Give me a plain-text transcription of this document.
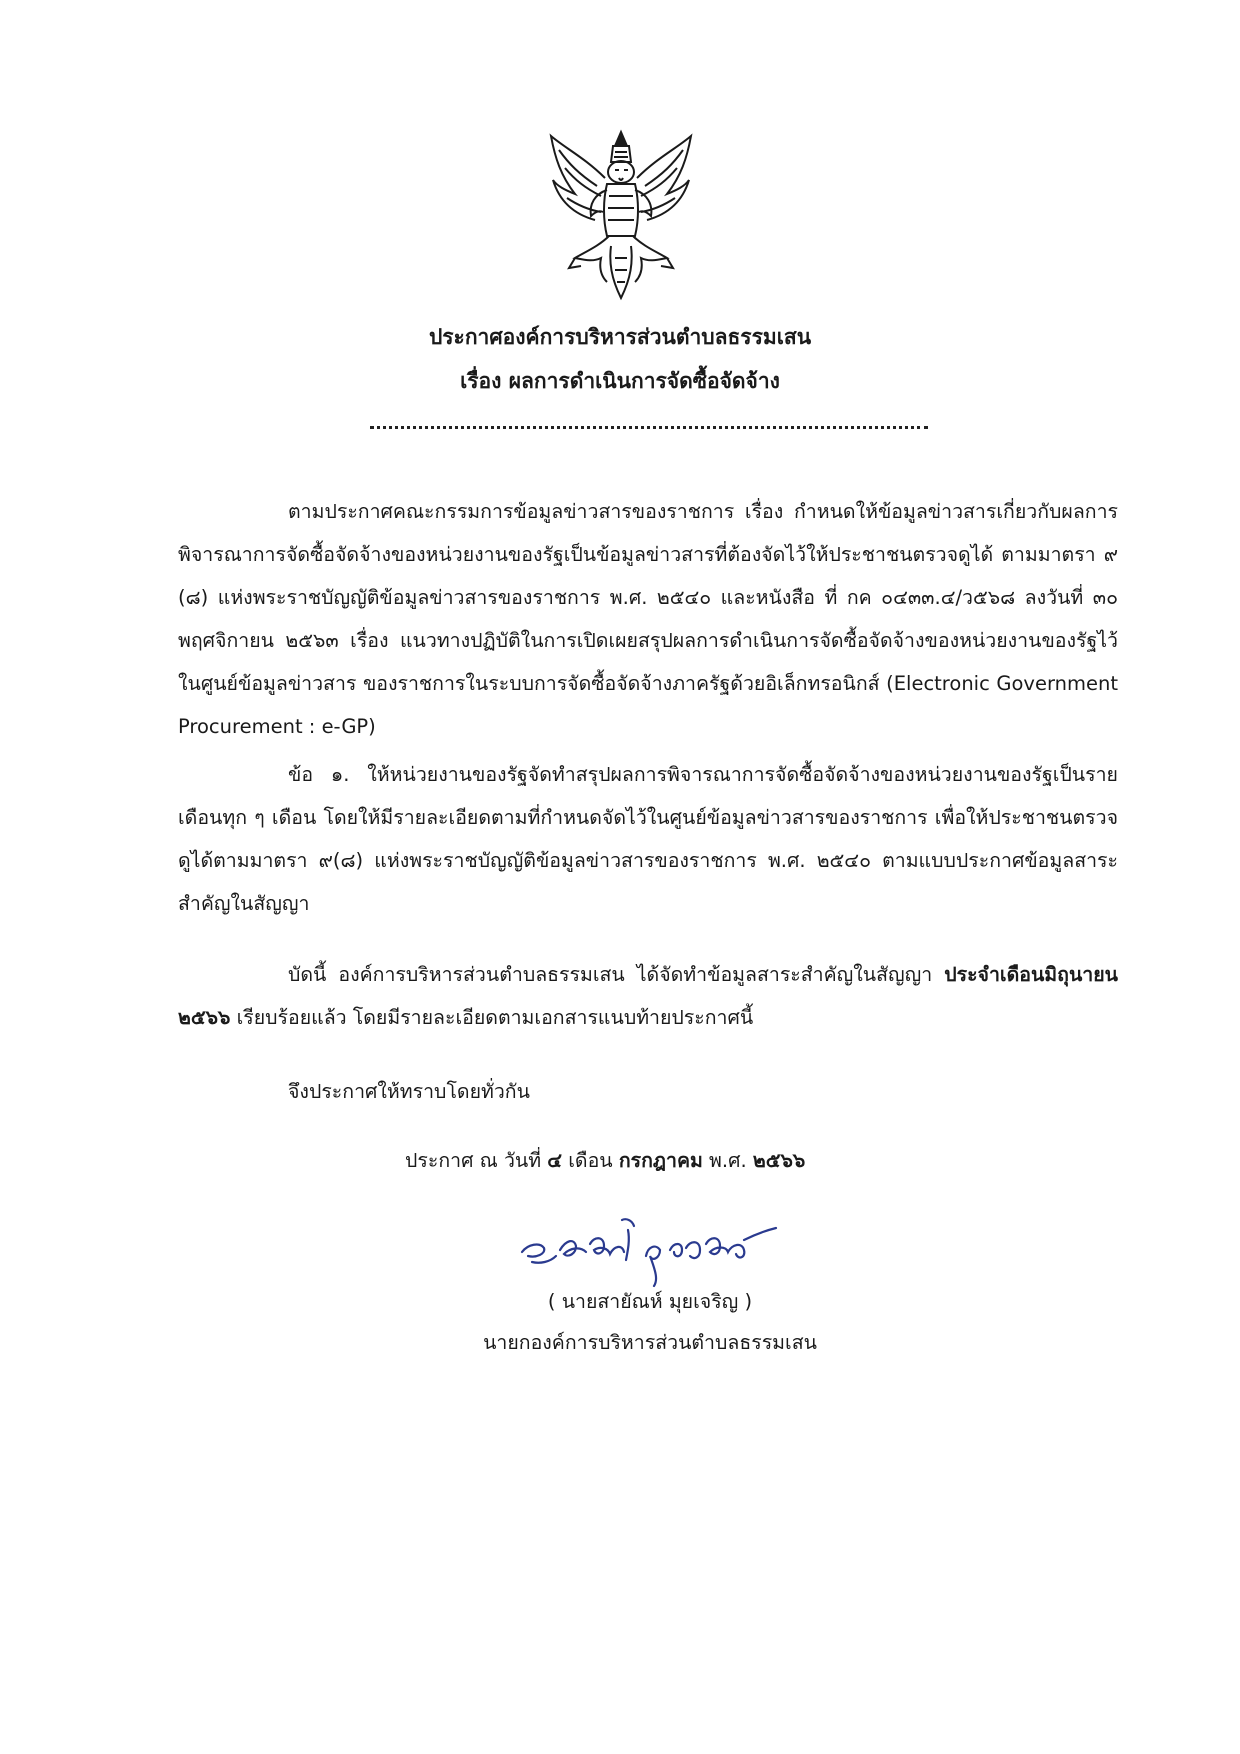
ประกาศองค์การบริหารส่วนตำบลธรรมเสน
เรื่อง ผลการดำเนินการจัดซื้อจัดจ้าง

ตามประกาศคณะกรรมการข้อมูลข่าวสารของราชการ เรื่อง กำหนดให้ข้อมูลข่าวสารเกี่ยวกับผลการพิจารณาการจัดซื้อจัดจ้างของหน่วยงานของรัฐเป็นข้อมูลข่าวสารที่ต้องจัดไว้ให้ประชาชนตรวจดูได้ ตามมาตรา ๙ (๘) แห่งพระราชบัญญัติข้อมูลข่าวสารของราชการ พ.ศ. ๒๕๔๐ และหนังสือ ที่ กค ๐๔๓๓.๔/ว๕๖๘ ลงวันที่ ๓๐ พฤศจิกายน ๒๕๖๓ เรื่อง แนวทางปฏิบัติในการเปิดเผยสรุปผลการดำเนินการจัดซื้อจัดจ้างของหน่วยงานของรัฐไว้ในศูนย์ข้อมูลข่าวสาร ของราชการในระบบการจัดซื้อจัดจ้างภาครัฐด้วยอิเล็กทรอนิกส์ (Electronic Government Procurement : e-GP)

ข้อ ๑. ให้หน่วยงานของรัฐจัดทำสรุปผลการพิจารณาการจัดซื้อจัดจ้างของหน่วยงานของรัฐเป็นรายเดือนทุก ๆ เดือน โดยให้มีรายละเอียดตามที่กำหนดจัดไว้ในศูนย์ข้อมูลข่าวสารของราชการ เพื่อให้ประชาชนตรวจดูได้ตามมาตรา ๙(๘) แห่งพระราชบัญญัติข้อมูลข่าวสารของราชการ พ.ศ. ๒๕๔๐ ตามแบบประกาศข้อมูลสาระสำคัญในสัญญา

บัดนี้ องค์การบริหารส่วนตำบลธรรมเสน ได้จัดทำข้อมูลสาระสำคัญในสัญญา ประจำเดือนมิถุนายน ๒๕๖๖ เรียบร้อยแล้ว โดยมีรายละเอียดตามเอกสารแนบท้ายประกาศนี้

จึงประกาศให้ทราบโดยทั่วกัน

ประกาศ ณ วันที่ ๔ เดือน กรกฎาคม พ.ศ. ๒๕๖๖
( นายสายัณห์ มุยเจริญ )
นายกองค์การบริหารส่วนตำบลธรรมเสน
